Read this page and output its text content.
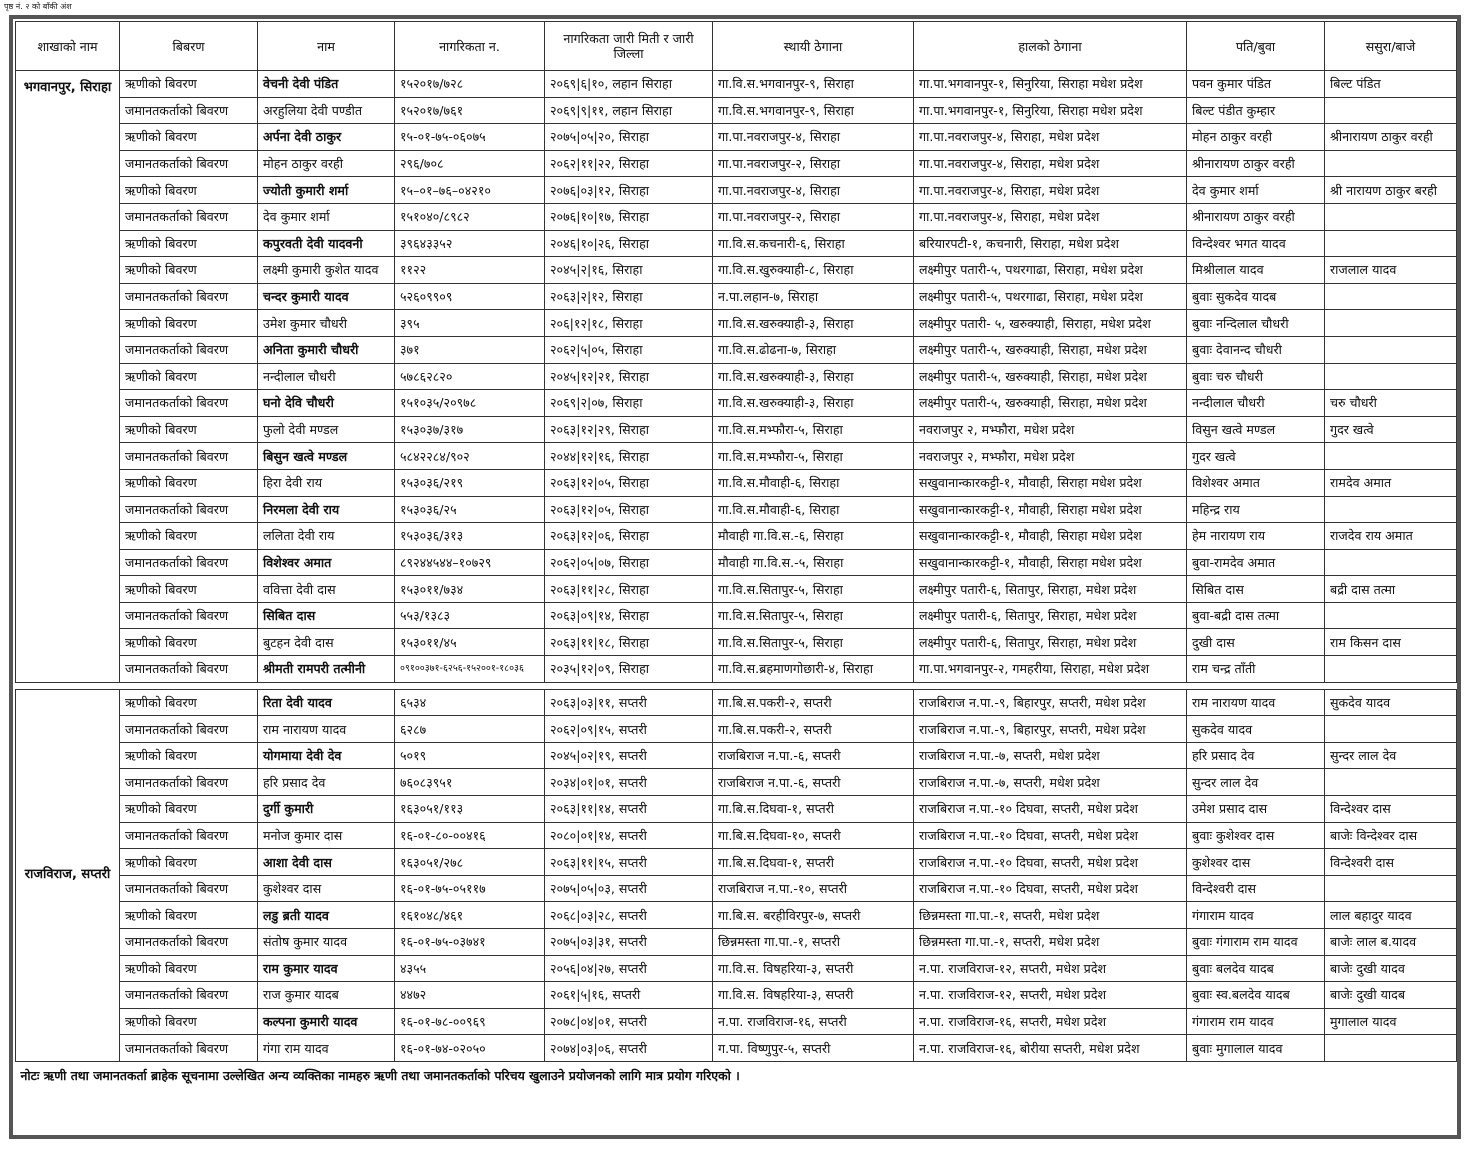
पृष्ठ नं. २ को बाँकी अंश
शाखाको नाम	बिबरण	नाम	नागरिकता न.	नागरिकता जारी मिती र जारी जिल्ला	स्थायी ठेगाना	हालको ठेगाना	पति/बुवा	ससुरा/बाजे
भगवानपुर, सिराहा	ऋणीको बिवरण	वेचनी देवी पंडित	१५२०१७/७२८	२०६९|६|१०, लहान सिराहा	गा.वि.स.भगवानपुर-९, सिराहा	गा.पा.भगवानपुर-१, सिनुरिया, सिराहा मधेश प्रदेश	पवन कुमार पंडित	बिल्ट पंडित
	जमानतकर्ताको बिवरण	अरहुलिया देवी पण्डीत	१५२०१७/७६१	२०६९|९|११, लहान सिराहा	गा.वि.स.भगवानपुर-९, सिराहा	गा.पा.भगवानपुर-१, सिनुरिया, सिराहा मधेश प्रदेश	बिल्ट पंडीत कुम्हार	
	ऋणीको बिवरण	अर्पना देवी ठाकुर	१५-०१-७५-०६०७५	२०७५|०५|२०, सिराहा	गा.पा.नवराजपुर-४, सिराहा	गा.पा.नवराजपुर-४, सिराहा, मधेश प्रदेश	मोहन ठाकुर वरही	श्रीनारायण ठाकुर वरही
	जमानतकर्ताको बिवरण	मोहन ठाकुर वरही	२९६/७०८	२०६२|११|२२, सिराहा	गा.पा.नवराजपुर-२, सिराहा	गा.पा.नवराजपुर-४, सिराहा, मधेश प्रदेश	श्रीनारायण ठाकुर वरही	
	ऋणीको बिवरण	ज्योती कुमारी शर्मा	१५–०१–७६–०४२१०	२०७६|०३|१२, सिराहा	गा.पा.नवराजपुर-४, सिराहा	गा.पा.नवराजपुर-४, सिराहा, मधेश प्रदेश	देव कुमार शर्मा	श्री नारायण ठाकुर बरही
	जमानतकर्ताको बिवरण	देव कुमार शर्मा	१५१०४०/८९८२	२०७६|१०|१७, सिराहा	गा.पा.नवराजपुर-२, सिराहा	गा.पा.नवराजपुर-४, सिराहा, मधेश प्रदेश	श्रीनारायण ठाकुर वरही	
	ऋणीको बिवरण	कपुरवती देवी यादवनी	३९६४३३५२	२०४६|१०|२६, सिराहा	गा.वि.स.कचनारी-६, सिराहा	बरियारपटी-१, कचनारी, सिराहा, मधेश प्रदेश	विन्देश्वर भगत यादव	
	ऋणीको बिवरण	लक्ष्मी कुमारी कुशेत यादव	११२२	२०४५|२|१६, सिराहा	गा.वि.स.खुरुक्याही-८, सिराहा	लक्ष्मीपुर पतारी-५, पथरगाढा, सिराहा, मधेश प्रदेश	मिश्रीलाल यादव	राजलाल यादव
	जमानतकर्ताको बिवरण	चन्दर कुमारी यादव	५२६०९९०९	२०६३|२|१२, सिराहा	न.पा.लहान-७, सिराहा	लक्ष्मीपुर पतारी-५, पथरगाढा, सिराहा, मधेश प्रदेश	बुवाः सुकदेव यादब	
	ऋणीको बिवरण	उमेश कुमार चौधरी	३९५	२०६|१२|१८, सिराहा	गा.वि.स.खरुक्याही-३, सिराहा	लक्ष्मीपुर पतारी- ५, खरुक्याही, सिराहा, मधेश प्रदेश	बुवाः नन्दिलाल चौधरी	
	जमानतकर्ताको बिवरण	अनिता कुमारी चौधरी	३७१	२०६२|५|०५, सिराहा	गा.वि.स.ढोढना-७, सिराहा	लक्ष्मीपुर पतारी-५, खरुक्याही, सिराहा, मधेश प्रदेश	बुवाः देवानन्द चौधरी	
	ऋणीको बिवरण	नन्दीलाल चौधरी	५७८६२८२०	२०४५|१२|२१, सिराहा	गा.वि.स.खरुक्याही-३, सिराहा	लक्ष्मीपुर पतारी-५, खरुक्याही, सिराहा, मधेश प्रदेश	बुवाः चरु चौधरी	
	जमानतकर्ताको बिवरण	घनो देवि चौधरी	१५१०३५/२०९७८	२०६९|२|०७, सिराहा	गा.वि.स.खरुक्याही-३, सिराहा	लक्ष्मीपुर पतारी-५, खरुक्याही, सिराहा, मधेश प्रदेश	नन्दीलाल चौधरी	चरु चौधरी
	ऋणीको बिवरण	फुलो देवी मण्डल	१५३०३७/३१७	२०६३|१२|२९, सिराहा	गा.वि.स.मभ्फौरा-५, सिराहा	नवराजपुर २, मभ्फौरा, मधेश प्रदेश	विसुन खत्वे मण्डल	गुदर खत्वे
	जमानतकर्ताको बिवरण	बिसुन खत्वे मण्डल	५८४२२८४/९०२	२०४४|१२|१६, सिराहा	गा.वि.स.मभ्फौरा-५, सिराहा	नवराजपुर २, मभ्फौरा, मधेश प्रदेश	गुदर खत्वे	
	ऋणीको बिवरण	हिरा देवी राय	१५३०३६/२१९	२०६३|१२|०५, सिराहा	गा.वि.स.मौवाही-६, सिराहा	सखुवानान्कारकट्टी-१, मौवाही, सिराहा मधेश प्रदेश	विशेश्वर अमात	रामदेव अमात
	जमानतकर्ताको बिवरण	निरमला देवी राय	१५३०३६/२५	२०६३|१२|०५, सिराहा	गा.वि.स.मौवाही-६, सिराहा	सखुवानान्कारकट्टी-१, मौवाही, सिराहा मधेश प्रदेश	महिन्द्र राय	
	ऋणीको बिवरण	ललिता देवी राय	१५३०३६/३१३	२०६३|१२|०६, सिराहा	मौवाही गा.वि.स.-६, सिराहा	सखुवानान्कारकट्टी-१, मौवाही, सिराहा मधेश प्रदेश	हेम नारायण राय	राजदेव राय अमात
	जमानतकर्ताको बिवरण	विशेश्वर अमात	८९२४४५४४–१०७२९	२०६२|०५|०७, सिराहा	मौवाही गा.वि.स.-५, सिराहा	सखुवानान्कारकट्टी-१, मौवाही, सिराहा मधेश प्रदेश	बुवा-रामदेव अमात	
	ऋणीको बिवरण	ववित्ता देवी दास	१५३०११/७३४	२०६३|११|२८, सिराहा	गा.वि.स.सितापुर-५, सिराहा	लक्ष्मीपुर पतारी-६, सितापुर, सिराहा, मधेश प्रदेश	सिबित दास	बद्री दास तत्मा
	जमानतकर्ताको बिवरण	सिबित दास	५५३/१३८३	२०६३|०९|१४, सिराहा	गा.वि.स.सितापुर-५, सिराहा	लक्ष्मीपुर पतारी-६, सितापुर, सिराहा, मधेश प्रदेश	बुवा-बद्री दास तत्मा	
	ऋणीको बिवरण	बुटहन देवी दास	१५३०११/४५	२०६३|११|१८, सिराहा	गा.वि.स.सितापुर-५, सिराहा	लक्ष्मीपुर पतारी-६, सितापुर, सिराहा, मधेश प्रदेश	दुखी दास	राम किसन दास
	जमानतकर्ताको बिवरण	श्रीमती रामपरी तत्मीनी	०९१००३७१-६२५६-१५२००१-१८०३६	२०३५|१२|०९, सिराहा	गा.वि.स.ब्रहमाणगोछारी-४, सिराहा	गा.पा.भगवानपुर-२, गमहरीया, सिराहा, मधेश प्रदेश	राम चन्द्र ताँती	

राजविराज, सप्तरी	ऋणीको बिवरण	रिता देवी यादव	६५३४	२०६३|०३|११, सप्तरी	गा.बि.स.पकरी-२, सप्तरी	राजबिराज न.पा.-९, बिहारपुर, सप्तरी, मधेश प्रदेश	राम नारायण यादव	सुकदेव यादव
	जमानतकर्ताको बिवरण	राम नारायण यादव	६२८७	२०६२|०९|१५, सप्तरी	गा.बि.स.पकरी-२, सप्तरी	राजबिराज न.पा.-९, बिहारपुर, सप्तरी, मधेश प्रदेश	सुकदेव यादव	
	ऋणीको बिवरण	योगमाया देवी देव	५०१९	२०४५|०२|१९, सप्तरी	राजबिराज न.पा.-६, सप्तरी	राजबिराज न.पा.-७, सप्तरी, मधेश प्रदेश	हरि प्रसाद देव	सुन्दर लाल देव
	जमानतकर्ताको बिवरण	हरि प्रसाद देव	७६०८३९५१	२०३४|०१|०१, सप्तरी	राजबिराज न.पा.-६, सप्तरी	राजबिराज न.पा.-७, सप्तरी, मधेश प्रदेश	सुन्दर लाल देव	
	ऋणीको बिवरण	दुर्गी कुमारी	१६३०५१/११३	२०६३|११|१४, सप्तरी	गा.बि.स.दिघवा-१, सप्तरी	राजबिराज न.पा.-१० दिघवा, सप्तरी, मधेश प्रदेश	उमेश प्रसाद दास	विन्देश्वर दास
	जमानतकर्ताको बिवरण	मनोज कुमार दास	१६-०१-८०-००४१६	२०८०|०१|१४, सप्तरी	गा.बि.स.दिघवा-१०, सप्तरी	राजबिराज न.पा.-१० दिघवा, सप्तरी, मधेश प्रदेश	बुवाः कुशेश्वर दास	बाजेः विन्देश्वर दास
	ऋणीको बिवरण	आशा देवी दास	१६३०५१/२७८	२०६३|११|१५, सप्तरी	गा.बि.स.दिघवा-१, सप्तरी	राजबिराज न.पा.-१० दिघवा, सप्तरी, मधेश प्रदेश	कुशेश्वर दास	विन्देश्वरी दास
	जमानतकर्ताको बिवरण	कुशेश्वर दास	१६-०१-७५-०५११७	२०७५|०५|०३, सप्तरी	राजबिराज न.पा.-१०, सप्तरी	राजबिराज न.पा.-१० दिघवा, सप्तरी, मधेश प्रदेश	विन्देश्वरी दास	
	ऋणीको बिवरण	लडु ब्रती यादव	१६१०४८/४६१	२०६८|०३|२८, सप्तरी	गा.बि.स. बरहीविरपुर-७, सप्तरी	छिन्नमस्ता गा.पा.-१, सप्तरी, मधेश प्रदेश	गंगाराम यादव	लाल बहादुर यादव
	जमानतकर्ताको बिवरण	संतोष कुमार यादव	१६-०१-७५-०३७४१	२०७५|०३|३१, सप्तरी	छिन्नमस्ता गा.पा.-१, सप्तरी	छिन्नमस्ता गा.पा.-१, सप्तरी, मधेश प्रदेश	बुवाः गंगाराम राम यादव	बाजेः लाल ब.यादव
	ऋणीको बिवरण	राम कुमार यादव	४३५५	२०५६|०४|२७, सप्तरी	गा.वि.स. विषहरिया-३, सप्तरी	न.पा. राजविराज-१२, सप्तरी, मधेश प्रदेश	बुवाः बलदेव यादब	बाजेः दुखी यादव
	जमानतकर्ताको बिवरण	राज कुमार यादब	४४७२	२०६१|५|१६, सप्तरी	गा.वि.स. विषहरिया-३, सप्तरी	न.पा. राजविराज-१२, सप्तरी, मधेश प्रदेश	बुवाः स्व.बलदेव यादब	बाजेः दुखी यादब
	ऋणीको बिवरण	कल्पना कुमारी यादव	१६-०१-७८-००९६९	२०७८|०४|०१, सप्तरी	न.पा. राजविराज-१६, सप्तरी	न.पा. राजविराज-१६, सप्तरी, मधेश प्रदेश	गंगाराम राम यादव	मुगालाल यादव
	जमानतकर्ताको बिवरण	गंगा राम यादव	१६-०१-७४-०२०५०	२०७४|०३|०६, सप्तरी	ग.पा. विष्णुपुर-५, सप्तरी	न.पा. राजविराज-१६, बोरीया सप्तरी, मधेश प्रदेश	बुवाः मुगालाल यादव	
नोटः ऋणी तथा जमानतकर्ता ब्राहेक सूचनामा उल्लेखित अन्य व्यक्तिका नामहरु ऋणी तथा जमानतकर्ताको परिचय खुलाउने प्रयोजनको लागि मात्र प्रयोग गरिएको ।								
